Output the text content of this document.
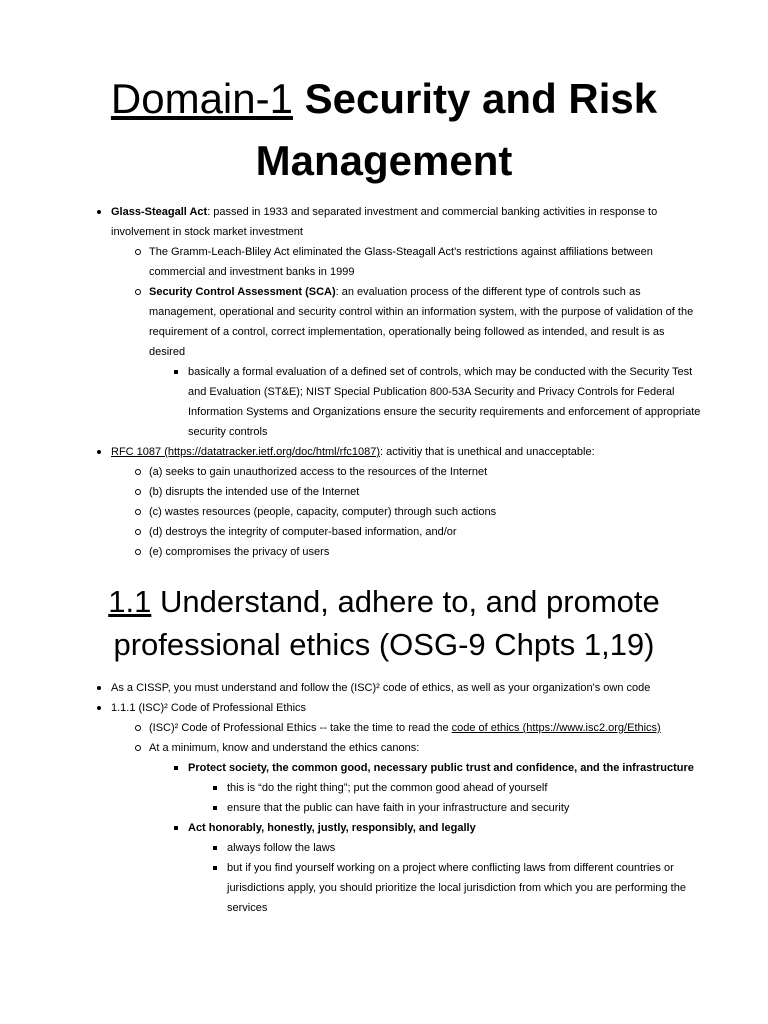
Domain-1 Security and Risk Management
Glass-Steagall Act: passed in 1933 and separated investment and commercial banking activities in response to involvement in stock market investment
The Gramm-Leach-Bliley Act eliminated the Glass-Steagall Act's restrictions against affiliations between commercial and investment banks in 1999
Security Control Assessment (SCA): an evaluation process of the different type of controls such as management, operational and security control within an information system, with the purpose of validation of the requirement of a control, correct implementation, operationally being followed as intended, and result is as desired
basically a formal evaluation of a defined set of controls, which may be conducted with the Security Test and Evaluation (ST&E); NIST Special Publication 800-53A Security and Privacy Controls for Federal Information Systems and Organizations ensure the security requirements and enforcement of appropriate security controls
RFC 1087 (https://datatracker.ietf.org/doc/html/rfc1087): activitiy that is unethical and unacceptable:
(a) seeks to gain unauthorized access to the resources of the Internet
(b) disrupts the intended use of the Internet
(c) wastes resources (people, capacity, computer) through such actions
(d) destroys the integrity of computer-based information, and/or
(e) compromises the privacy of users
1.1 Understand, adhere to, and promote professional ethics (OSG-9 Chpts 1,19)
As a CISSP, you must understand and follow the (ISC)² code of ethics, as well as your organization's own code
1.1.1 (ISC)² Code of Professional Ethics
(ISC)² Code of Professional Ethics -- take the time to read the code of ethics (https://www.isc2.org/Ethics)
At a minimum, know and understand the ethics canons:
Protect society, the common good, necessary public trust and confidence, and the infrastructure
this is “do the right thing”; put the common good ahead of yourself
ensure that the public can have faith in your infrastructure and security
Act honorably, honestly, justly, responsibly, and legally
always follow the laws
but if you find yourself working on a project where conflicting laws from different countries or jurisdictions apply, you should prioritize the local jurisdiction from which you are performing the services
